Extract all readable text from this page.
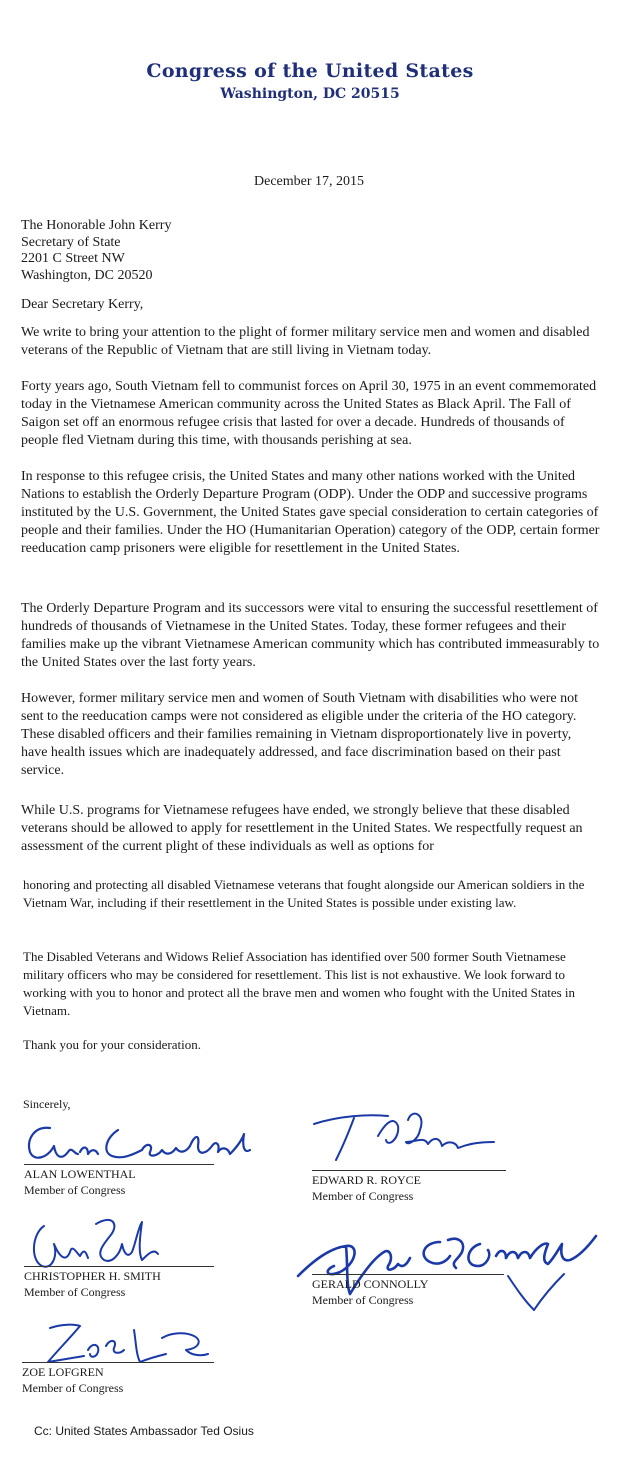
Congress of the United States
Washington, DC 20515
December 17, 2015
The Honorable John Kerry
Secretary of State
2201 C Street NW
Washington, DC 20520
Dear Secretary Kerry,

We write to bring your attention to the plight of former military service men and women and disabled veterans of the Republic of Vietnam that are still living in Vietnam today.

Forty years ago, South Vietnam fell to communist forces on April 30, 1975 in an event commemorated today in the Vietnamese American community across the United States as Black April. The Fall of Saigon set off an enormous refugee crisis that lasted for over a decade. Hundreds of thousands of people fled Vietnam during this time, with thousands perishing at sea.

In response to this refugee crisis, the United States and many other nations worked with the United Nations to establish the Orderly Departure Program (ODP). Under the ODP and successive programs instituted by the U.S. Government, the United States gave special consideration to certain categories of people and their families. Under the HO (Humanitarian Operation) category of the ODP, certain former reeducation camp prisoners were eligible for resettlement in the United States.

The Orderly Departure Program and its successors were vital to ensuring the successful resettlement of hundreds of thousands of Vietnamese in the United States. Today, these former refugees and their families make up the vibrant Vietnamese American community which has contributed immeasurably to the United States over the last forty years.

However, former military service men and women of South Vietnam with disabilities who were not sent to the reeducation camps were not considered as eligible under the criteria of the HO category. These disabled officers and their families remaining in Vietnam disproportionately live in poverty, have health issues which are inadequately addressed, and face discrimination based on their past service.

While U.S. programs for Vietnamese refugees have ended, we strongly believe that these disabled veterans should be allowed to apply for resettlement in the United States. We respectfully request an assessment of the current plight of these individuals as well as options for

honoring and protecting all disabled Vietnamese veterans that fought alongside our American soldiers in the Vietnam War, including if their resettlement in the United States is possible under existing law.

The Disabled Veterans and Widows Relief Association has identified over 500 former South Vietnamese military officers who may be considered for resettlement. This list is not exhaustive. We look forward to working with you to honor and protect all the brave men and women who fought with the United States in Vietnam.

Thank you for your consideration.

Sincerely,
ALAN LOWENTHAL
Member of Congress
EDWARD R. ROYCE
Member of Congress
CHRISTOPHER H. SMITH
Member of Congress
GERALD CONNOLLY
Member of Congress
ZOE LOFGREN
Member of Congress
Cc: United States Ambassador Ted Osius
